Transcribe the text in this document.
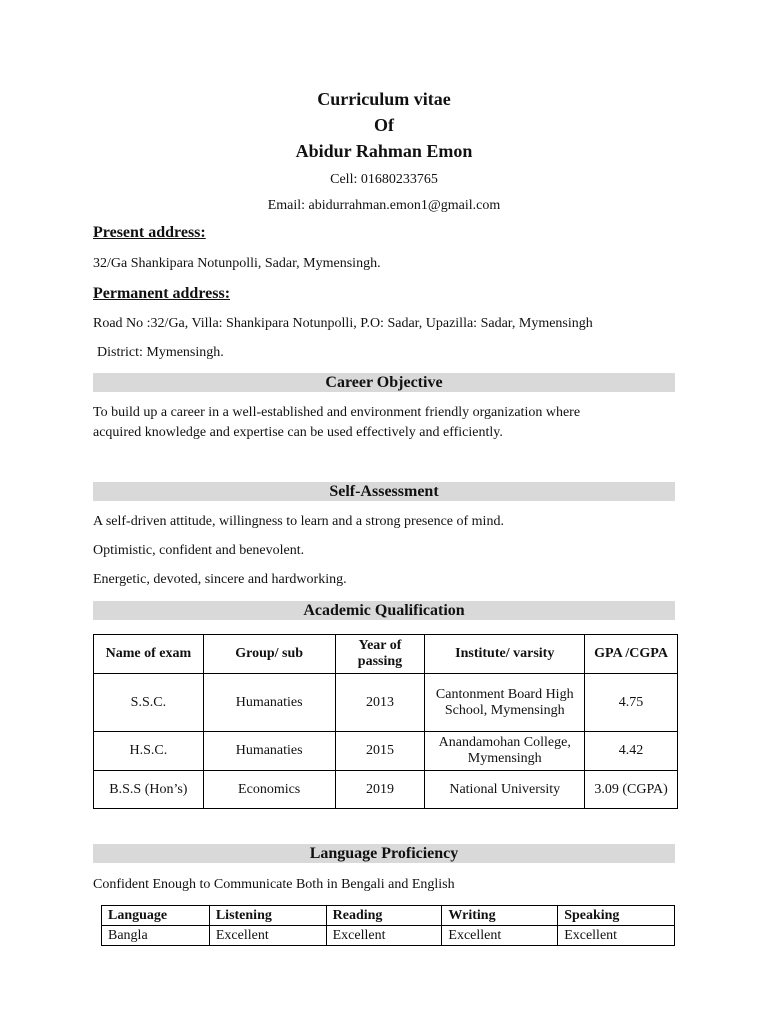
Curriculum vitae
Of
Abidur Rahman Emon
Cell: 01680233765
Email: abidurrahman.emon1@gmail.com
Present address:
32/Ga Shankipara Notunpolli, Sadar, Mymensingh.
Permanent address:
Road No :32/Ga, Villa: Shankipara Notunpolli, P.O: Sadar, Upazilla: Sadar, Mymensingh
District: Mymensingh.
Career Objective
To build up a career in a well-established and environment friendly organization where
acquired knowledge and expertise can be used effectively and efficiently.
Self-Assessment
A self-driven attitude, willingness to learn and a strong presence of mind.
Optimistic, confident and benevolent.
Energetic, devoted, sincere and hardworking.
Academic Qualification
Name of exam	Group/ sub	Year of passing	Institute/ varsity	GPA /CGPA
S.S.C.	Humanaties	2013	Cantonment Board High School, Mymensingh	4.75
H.S.C.	Humanaties	2015	Anandamohan College, Mymensingh	4.42
B.S.S (Hon’s)	Economics	2019	National University	3.09 (CGPA)
Language Proficiency
Confident Enough to Communicate Both in Bengali and English
Language	Listening	Reading	Writing	Speaking
Bangla	Excellent	Excellent	Excellent	Excellent
